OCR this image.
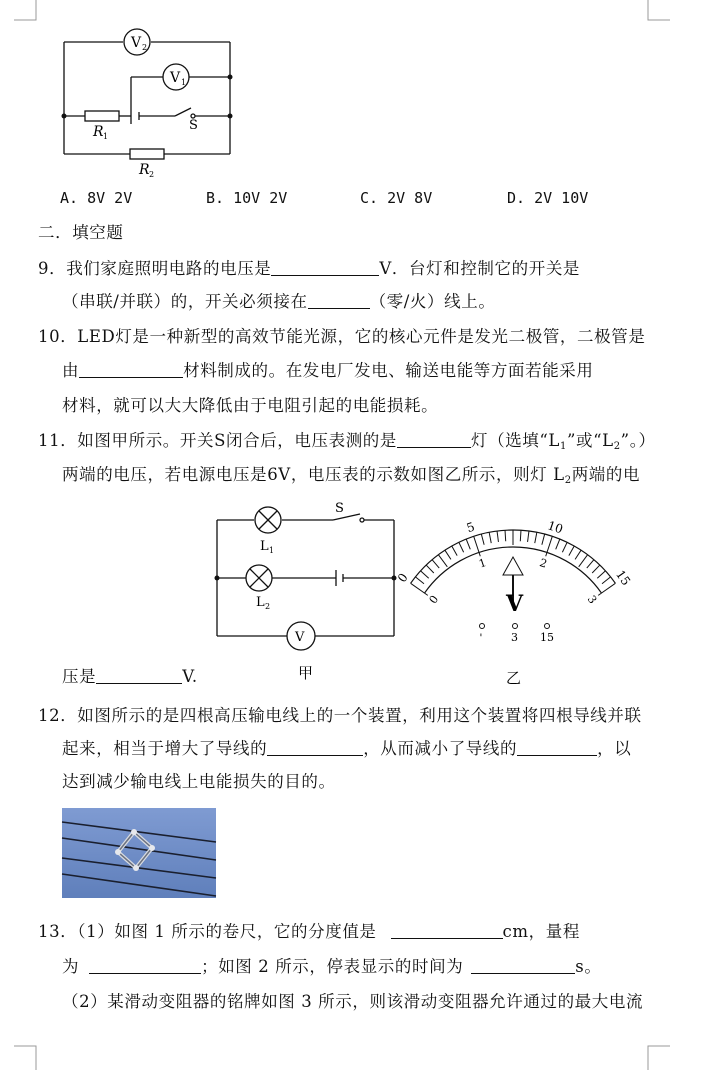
V 2
V 1
R 1
S
R 2
A. 8V 2V	B. 10V 2V	C. 2V 8V	D. 2V 10V
二．填空题
9．我们家庭照明电路的电压是	V．台灯和控制它的开关是
（串联/并联）的，开关必须接在	（零/火）线上。
10．LED灯是一种新型的高效节能光源，它的核心元件是发光二极管，二极管是
由	材料制成的。在发电厂发电、输送电能等方面若能采用
材料，就可以大大降低由于电阻引起的电能损耗。
11．如图甲所示。开关S闭合后，电压表测的是	灯（选填“$L_1$”或“$L_2$”。）
两端的电压，若电源电压是6V，电压表的示数如图乙所示，则灯 $L_2$两端的电
S
L 1
L 2
V
甲
0
5	10
15
0
1	2
3
V
- 3 15
乙
压是	V.
12．如图所示的是四根高压输电线上的一个装置，利用这个装置将四根导线并联
起来，相当于增大了导线的	，从而减小了导线的	，以
达到减少输电线上电能损失的目的。
13．（1）如图 1 所示的卷尺，它的分度值是	cm，量程
为	；如图 2 所示，停表显示的时间为	s。
（2）某滑动变阻器的铭牌如图 3 所示，则该滑动变阻器允许通过的最大电流
